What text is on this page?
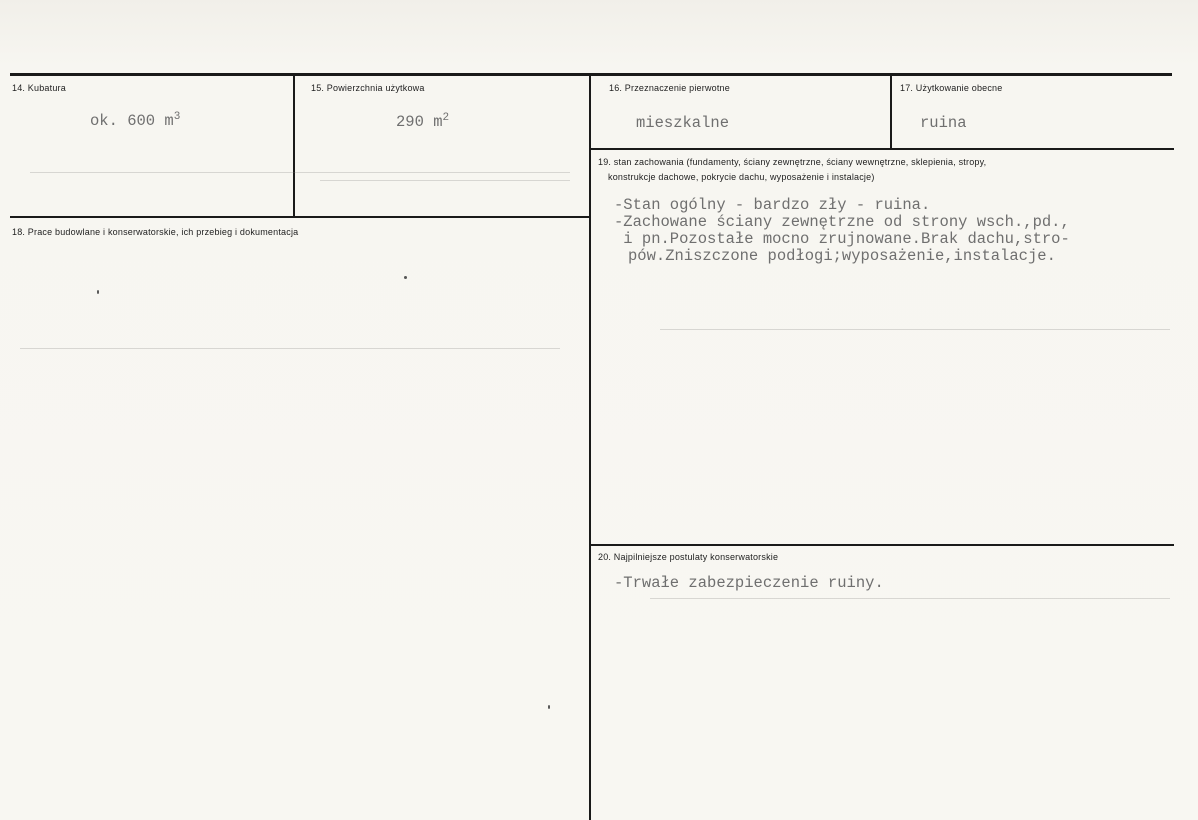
14. Kubatura
ok. 600 $m^3$
15. Powierzchnia użytkowa
290 $m^2$
16. Przeznaczenie pierwotne
mieszkalne
17. Użytkowanie obecne
ruina
18. Prace budowlane i konserwatorskie, ich przebieg i dokumentacja
19. stan zachowania (fundamenty, ściany zewnętrzne, ściany wewnętrzne, sklepienia, stropy,
konstrukcje dachowe, pokrycie dachu, wyposażenie i instalacje)
-Stan ogólny - bardzo zły - ruina.
-Zachowane ściany zewnętrzne od strony wsch.,pd.,
i pn.Pozostałe mocno zrujnowane.Brak dachu,stro-
pów.Zniszczone podłogi;wyposażenie,instalacje.
20. Najpilniejsze postulaty konserwatorskie
-Trwałe zabezpieczenie ruiny.
